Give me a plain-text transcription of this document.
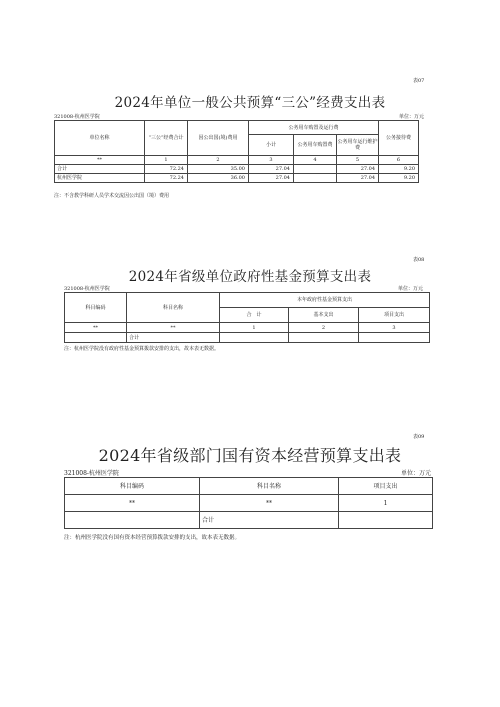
表07
2024年单位一般公共预算“三公”经费支出表
321008-杭州医学院	单位：万元
单位名称	“三公”经费合计	因公出国(境)费用	公务用车购置及运行费			公务接待费
			小计	公务用车购置费	公务用车运行维护费	
**	1	2	3	4	5	6
合计	72.24	35.00	27.04		27.04	9.20
杭州医学院	72.24	36.00	27.04		27.04	9.20
注：不含教学科研人员学术交流因公出国（境）费用
表08
2024年省级单位政府性基金预算支出表
321008-杭州医学院	单位：万元
科目编码	科目名称	本年政府性基金预算支出		
		合　计	基本支出	项目支出
**	**	1	2	3
	合计			
注：杭州医学院没有政府性基金预算拨款安排的支出，故本表无数据。
表09
2024年省级部门国有资本经营预算支出表
321008-杭州医学院	单位：万元
科目编码	科目名称	项目支出
**	**	1
	合计	
注：杭州医学院没有国有资本经营预算拨款安排的支出，故本表无数据。
